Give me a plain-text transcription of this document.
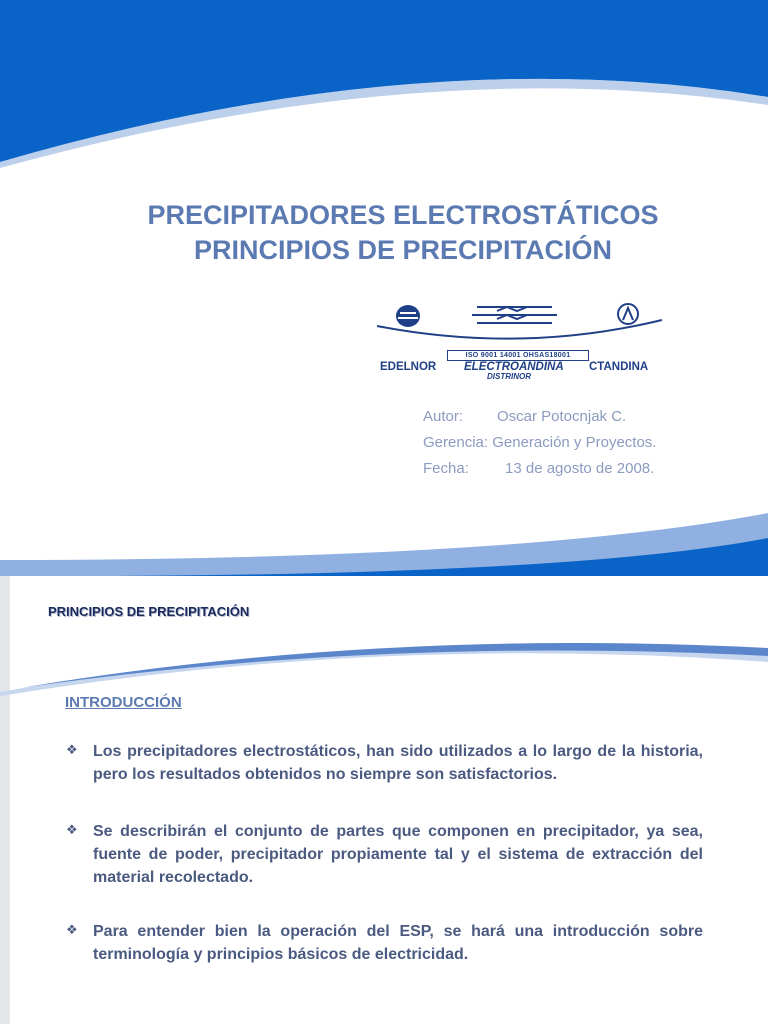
PRECIPITADORES ELECTROSTÁTICOS
PRINCIPIOS DE PRECIPITACIÓN
ISO 9001 14001 OHSAS18001
EDELNOR ELECTROANDINA
DISTRINOR
CTANDINA
Autor: Oscar Potocnjak C.
Gerencia: Generación y Proyectos.
Fecha: 13 de agosto de 2008.
PRINCIPIOS DE PRECIPITACIÓN
INTRODUCCIÓN
❖ Los precipitadores electrostáticos, han sido utilizados a lo largo de la historia, pero los resultados obtenidos no siempre son satisfactorios.
❖ Se describirán el conjunto de partes que componen en precipitador, ya sea, fuente de poder, precipitador propiamente tal y el sistema de extracción del material recolectado.
❖ Para entender bien la operación del ESP, se hará una introducción sobre terminología y principios básicos de electricidad.
